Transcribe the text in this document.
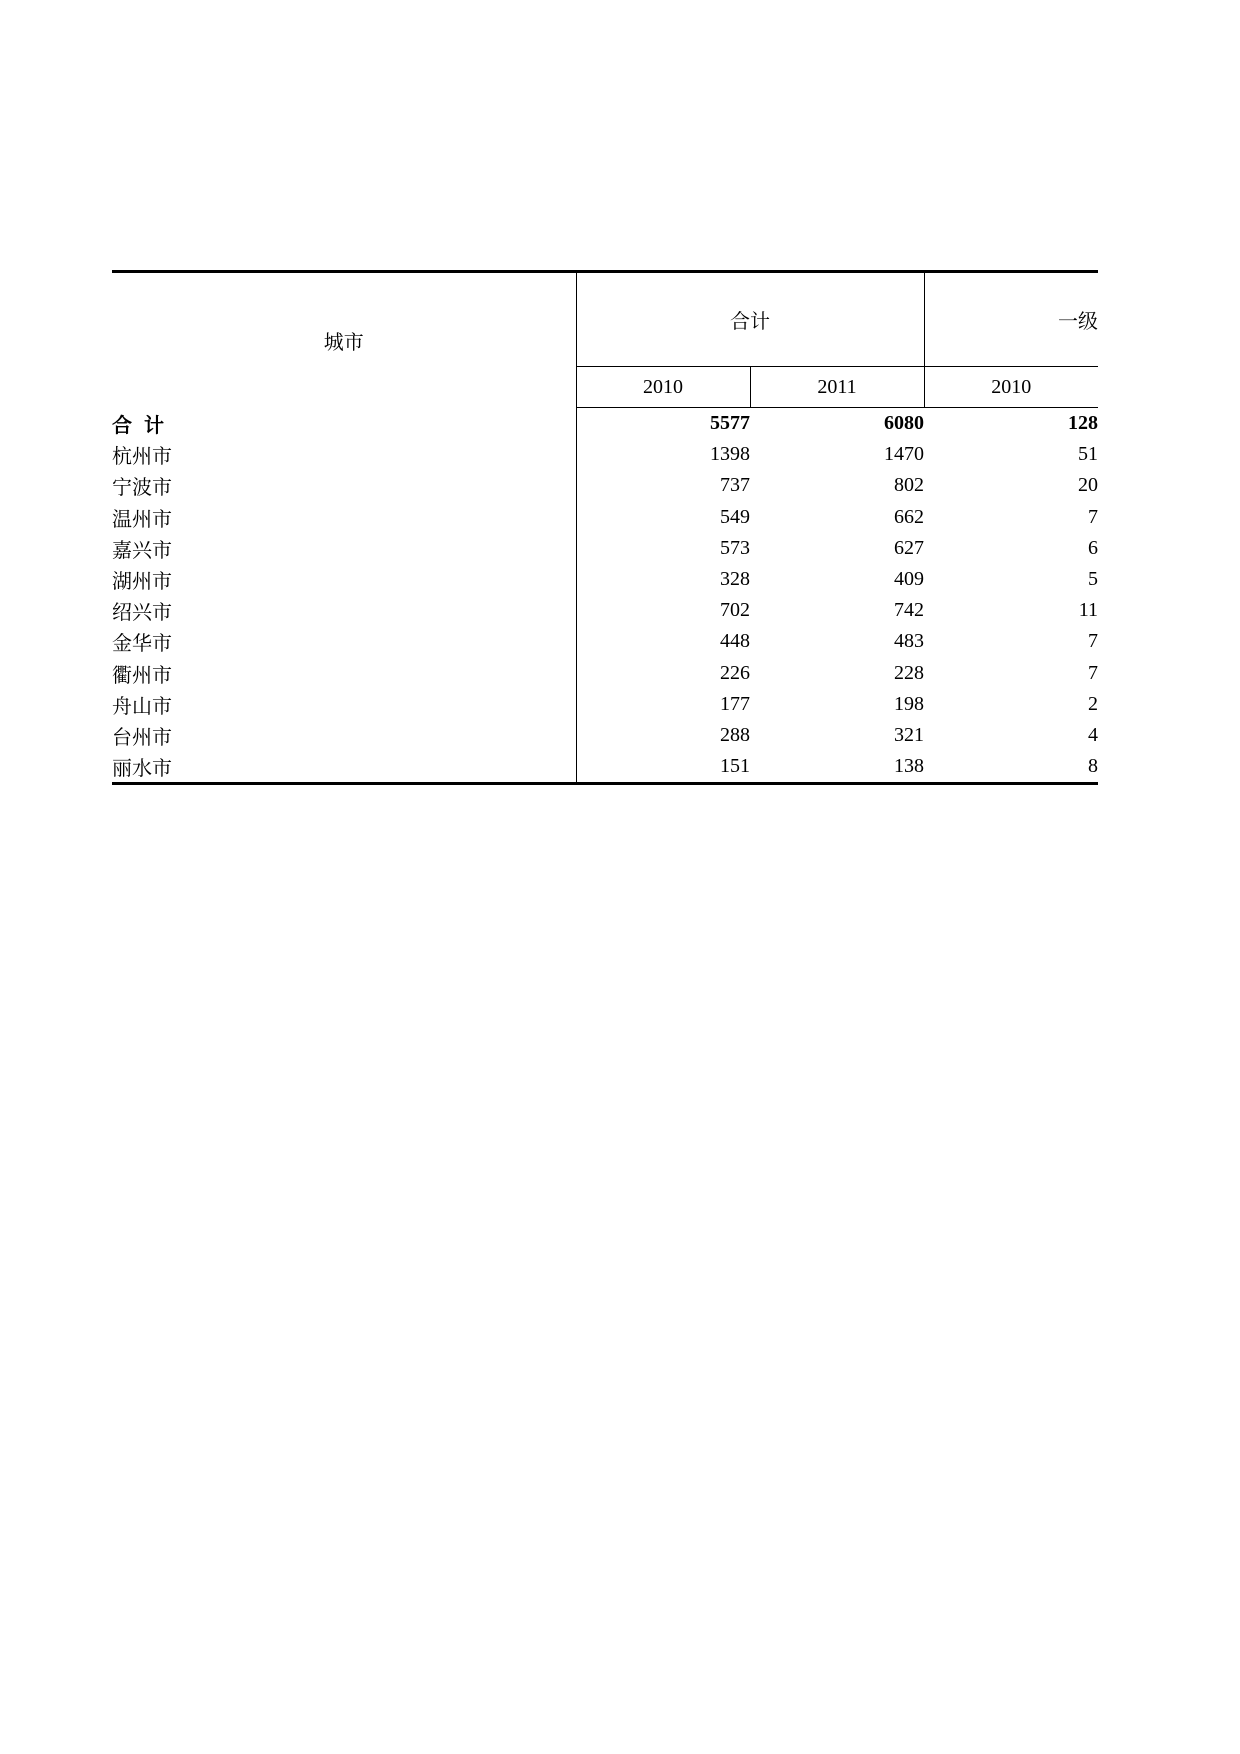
城市	合计		一级
	2010	2011	2010
合计	5577	6080	128
杭州市	1398	1470	51
宁波市	737	802	20
温州市	549	662	7
嘉兴市	573	627	6
湖州市	328	409	5
绍兴市	702	742	11
金华市	448	483	7
衢州市	226	228	7
舟山市	177	198	2
台州市	288	321	4
丽水市	151	138	8
